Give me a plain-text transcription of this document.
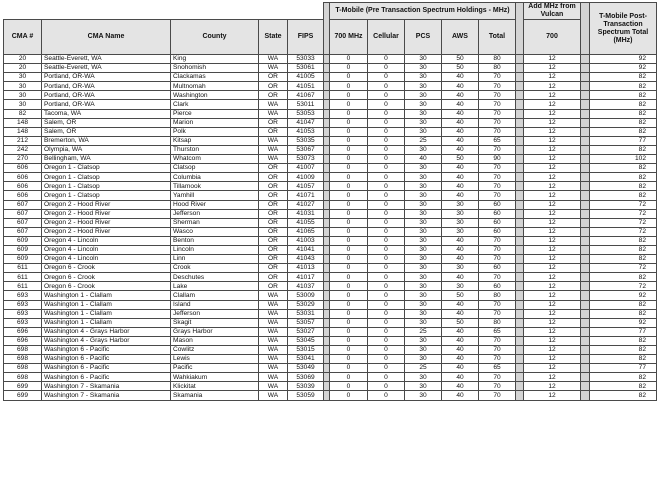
						T-Mobile (Pre Transaction Spectrum Holdings - MHz)						Add MHz from Vulcan		T-Mobile Post-Transaction Spectrum Total (MHz)
CMA #	CMA Name	County	State	FIPS		700 MHz	Cellular	PCS	AWS	Total		700		
20	Seattle-Everett, WA	King	WA	53033		0	0	30	50	80		12		92
20	Seattle-Everett, WA	Snohomish	WA	53061		0	0	30	50	80		12		92
30	Portland, OR-WA	Clackamas	OR	41005		0	0	30	40	70		12		82
30	Portland, OR-WA	Multnomah	OR	41051		0	0	30	40	70		12		82
30	Portland, OR-WA	Washington	OR	41067		0	0	30	40	70		12		82
30	Portland, OR-WA	Clark	WA	53011		0	0	30	40	70		12		82
82	Tacoma, WA	Pierce	WA	53053		0	0	30	40	70		12		82
148	Salem, OR	Marion	OR	41047		0	0	30	40	70		12		82
148	Salem, OR	Polk	OR	41053		0	0	30	40	70		12		82
212	Bremerton, WA	Kitsap	WA	53035		0	0	25	40	65		12		77
242	Olympia, WA	Thurston	WA	53067		0	0	30	40	70		12		82
270	Bellingham, WA	Whatcom	WA	53073		0	0	40	50	90		12		102
606	Oregon 1 - Clatsop	Clatsop	OR	41007		0	0	30	40	70		12		82
606	Oregon 1 - Clatsop	Columbia	OR	41009		0	0	30	40	70		12		82
606	Oregon 1 - Clatsop	Tillamook	OR	41057		0	0	30	40	70		12		82
606	Oregon 1 - Clatsop	Yamhill	OR	41071		0	0	30	40	70		12		82
607	Oregon 2 - Hood River	Hood River	OR	41027		0	0	30	30	60		12		72
607	Oregon 2 - Hood River	Jefferson	OR	41031		0	0	30	30	60		12		72
607	Oregon 2 - Hood River	Sherman	OR	41055		0	0	30	30	60		12		72
607	Oregon 2 - Hood River	Wasco	OR	41065		0	0	30	30	60		12		72
609	Oregon 4 - Lincoln	Benton	OR	41003		0	0	30	40	70		12		82
609	Oregon 4 - Lincoln	Lincoln	OR	41041		0	0	30	40	70		12		82
609	Oregon 4 - Lincoln	Linn	OR	41043		0	0	30	40	70		12		82
611	Oregon 6 - Crook	Crook	OR	41013		0	0	30	30	60		12		72
611	Oregon 6 - Crook	Deschutes	OR	41017		0	0	30	40	70		12		82
611	Oregon 6 - Crook	Lake	OR	41037		0	0	30	30	60		12		72
693	Washington 1 - Clallam	Clallam	WA	53009		0	0	30	50	80		12		92
693	Washington 1 - Clallam	Island	WA	53029		0	0	30	40	70		12		82
693	Washington 1 - Clallam	Jefferson	WA	53031		0	0	30	40	70		12		82
693	Washington 1 - Clallam	Skagit	WA	53057		0	0	30	50	80		12		92
696	Washington 4 - Grays Harbor	Grays Harbor	WA	53027		0	0	25	40	65		12		77
696	Washington 4 - Grays Harbor	Mason	WA	53045		0	0	30	40	70		12		82
698	Washington 6 - Pacific	Cowlitz	WA	53015		0	0	30	40	70		12		82
698	Washington 6 - Pacific	Lewis	WA	53041		0	0	30	40	70		12		82
698	Washington 6 - Pacific	Pacific	WA	53049		0	0	25	40	65		12		77
698	Washington 6 - Pacific	Wahkiakum	WA	53069		0	0	30	40	70		12		82
699	Washington 7 - Skamania	Klickitat	WA	53039		0	0	30	40	70		12		82
699	Washington 7 - Skamania	Skamania	WA	53059		0	0	30	40	70		12		82
